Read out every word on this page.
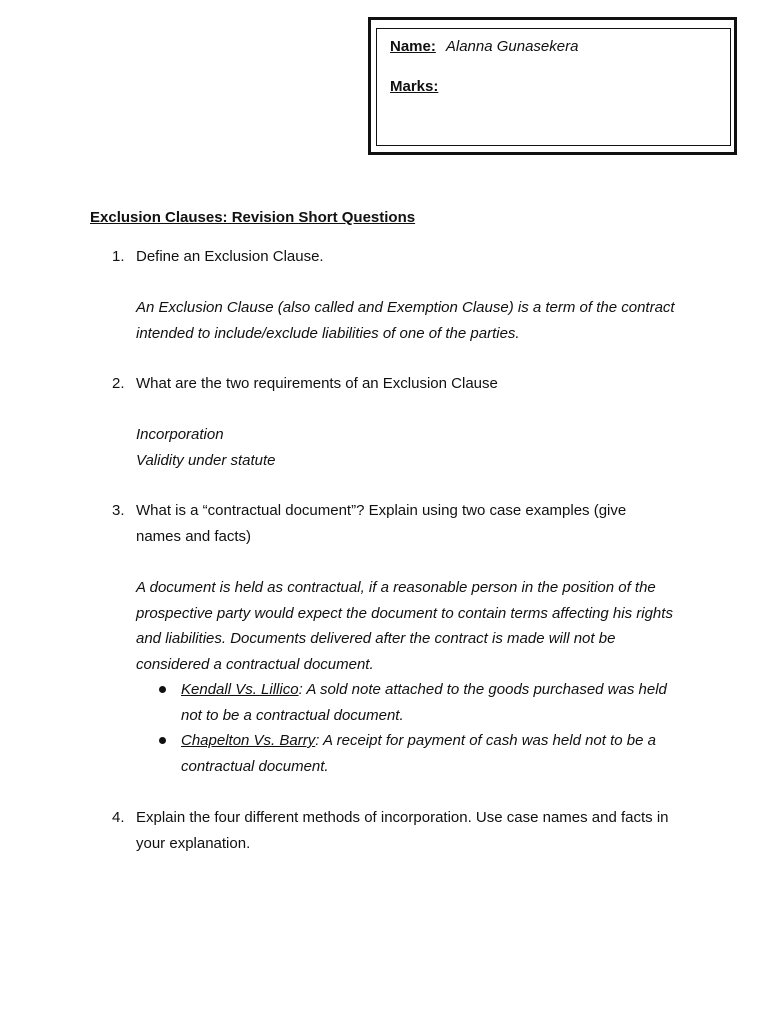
Name: Alanna Gunasekera
Marks:
Exclusion Clauses: Revision Short Questions
1. Define an Exclusion Clause.
An Exclusion Clause (also called and Exemption Clause) is a term of the contract intended to include/exclude liabilities of one of the parties.
2. What are the two requirements of an Exclusion Clause
Incorporation
Validity under statute
3. What is a “contractual document”? Explain using two case examples (give names and facts)
A document is held as contractual, if a reasonable person in the position of the prospective party would expect the document to contain terms affecting his rights and liabilities. Documents delivered after the contract is made will not be considered a contractual document.
Kendall Vs. Lillico: A sold note attached to the goods purchased was held not to be a contractual document.
Chapelton Vs. Barry: A receipt for payment of cash was held not to be a contractual document.
4. Explain the four different methods of incorporation. Use case names and facts in your explanation.
